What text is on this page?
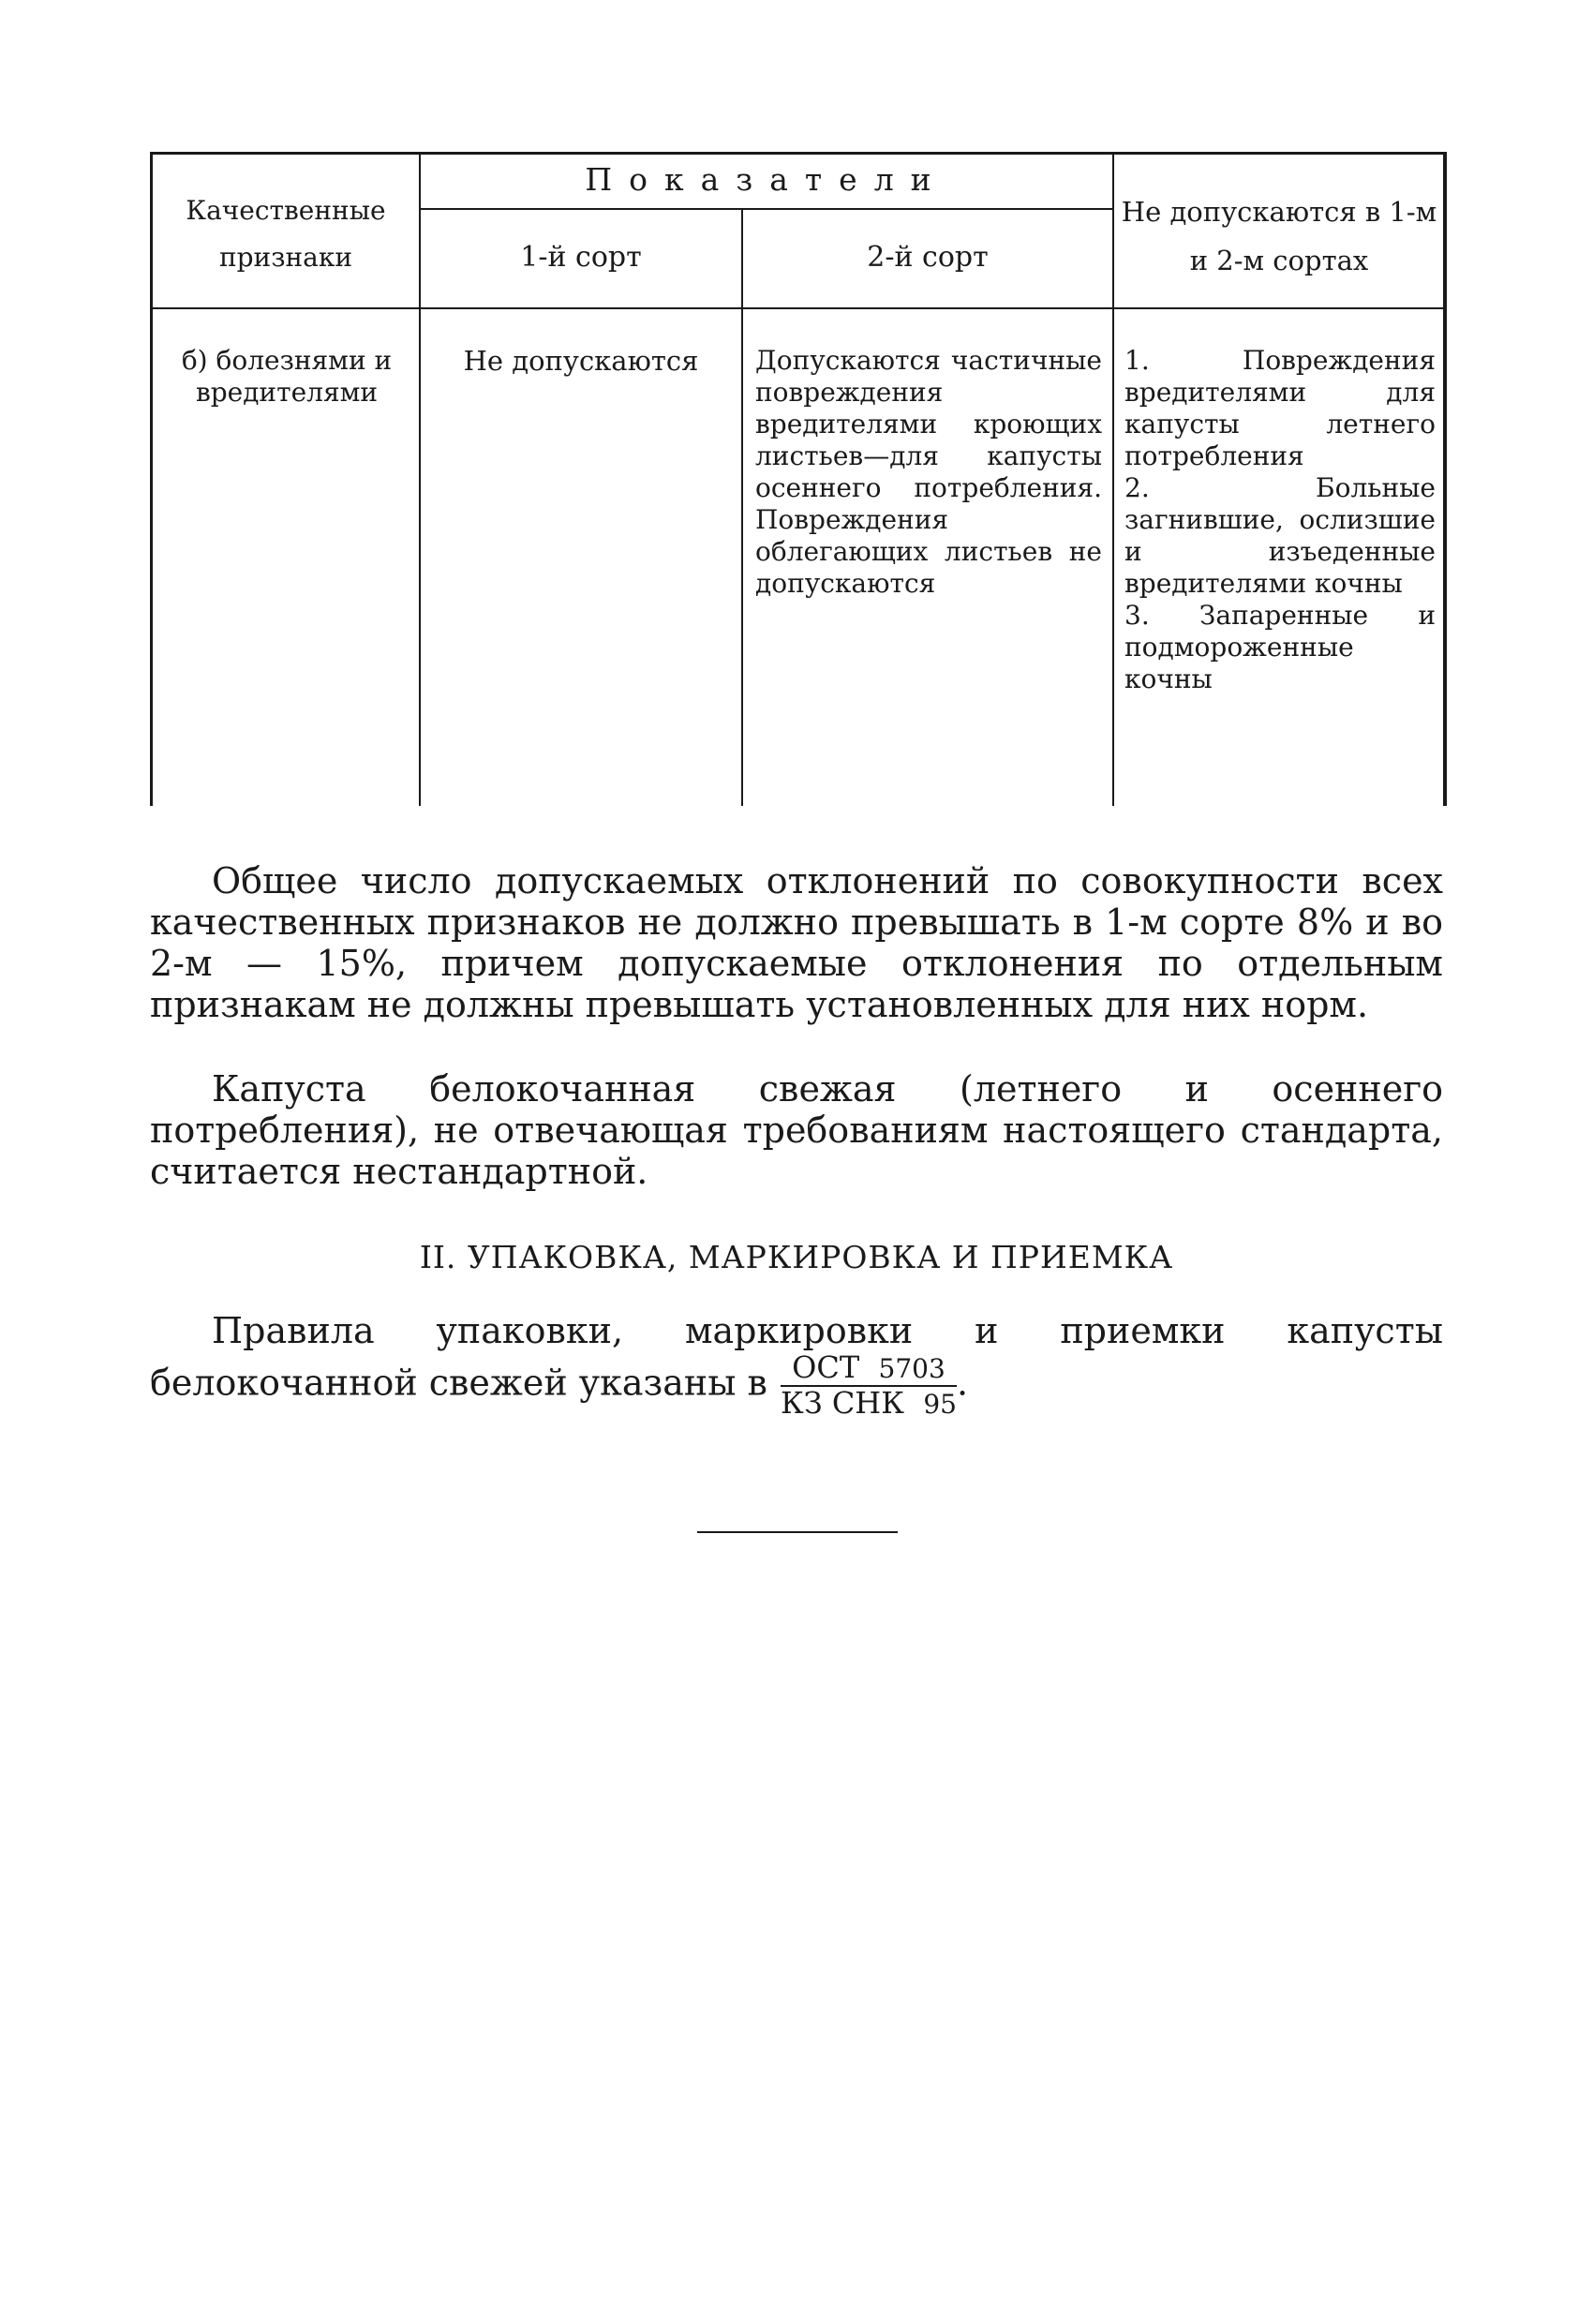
Качественные признаки
Показатели
1-й сорт	2-й сорт
Не допускаются в 1-м и 2-м сортах
б) болезнями и вредителями
Не допускаются	Допускаются частичные повреждения вредителями кроющих листьев—для капусты осеннего потребления. Повреждения облегающих листьев не допускаются
1. Повреждения вредителями для капусты летнего потребления
2. Больные загнившие, ослизшие и изъеденные вредителями кочны
3. Запаренные и подмороженные кочны
Общее число допускаемых отклонений по совокупности всех качественных признаков не должно превышать в 1-м сорте 8% и во 2-м — 15%, причем допускаемые отклонения по отдельным признакам не должны превышать установленных для них норм.
Капуста белокочанная свежая (летнего и осеннего потребления), не отвечающая требованиям настоящего стандарта, считается нестандартной.
II. УПАКОВКА, МАРКИРОВКА И ПРИЕМКА
Правила упаковки, маркировки и приемки капусты белокочанной свежей указаны в $\frac{\text{ОСТ 5703}}{\text{КЗ СНК 95}}$ .
